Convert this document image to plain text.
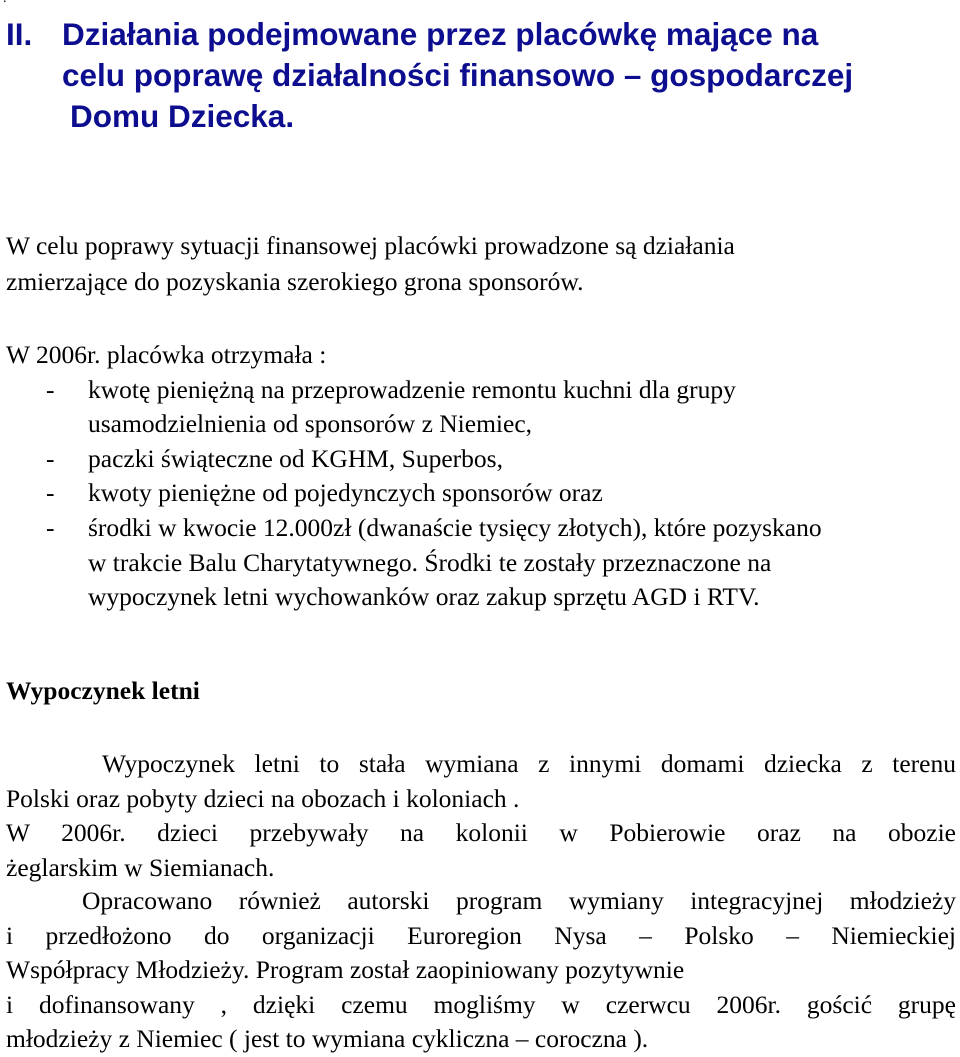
II. Działania podejmowane przez placówkę mające na
celu poprawę działalności finansowo – gospodarczej
Domu Dziecka.
W celu poprawy sytuacji finansowej placówki prowadzone są działania
zmierzające do pozyskania szerokiego grona sponsorów.
W 2006r. placówka otrzymała :
- kwotę pieniężną na przeprowadzenie remontu kuchni dla grupy
usamodzielnienia od sponsorów z Niemiec,
- paczki świąteczne od KGHM, Superbos,
- kwoty pieniężne od pojedynczych sponsorów oraz
- środki w kwocie 12.000zł (dwanaście tysięcy złotych), które pozyskano
w trakcie Balu Charytatywnego. Środki te zostały przeznaczone na
wypoczynek letni wychowanków oraz zakup sprzętu AGD i RTV.
Wypoczynek letni
Wypoczynek letni to stała wymiana z innymi domami dziecka z terenu
Polski oraz pobyty dzieci na obozach i koloniach .
W 2006r. dzieci przebywały na kolonii w Pobierowie oraz na obozie
żeglarskim w Siemianach.
Opracowano również autorski program wymiany integracyjnej młodzieży
i przedłożono do organizacji Euroregion Nysa – Polsko – Niemieckiej
Współpracy Młodzieży. Program został zaopiniowany pozytywnie
i dofinansowany , dzięki czemu mogliśmy w czerwcu 2006r. gościć grupę
młodzieży z Niemiec ( jest to wymiana cykliczna – coroczna ).
